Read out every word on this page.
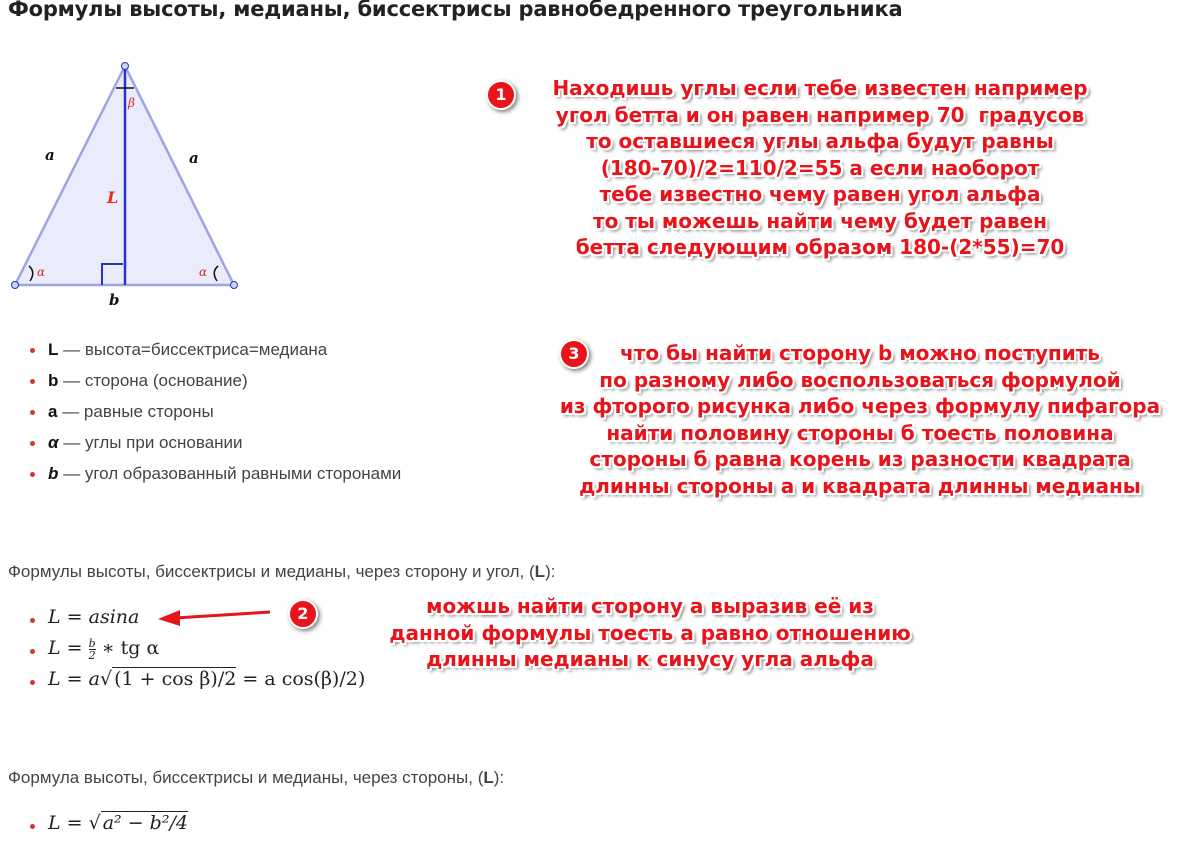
Формулы высоты, медианы, биссектрисы равнобедренного треугольника
a	a
L
b
β
α	α
L — высота=биссектриса=медиана
b — сторона (основание)
a — равные стороны
α — углы при основании
b — угол образованный равными сторонами
Формулы высоты, биссектрисы и медианы, через сторону и угол, (L):
L = asina
$L = \frac{b}{2}$ ∗ tg α
L = a√ (1 + cos β)/2 = a cos(β)/2)
Формула высоты, биссектрисы и медианы, через стороны, (L):
L = √ a² − b²/4
1	Находишь углы если тебе известен например
угол бетта и он равен например 70  градусов
то оставшиеся углы альфа будут равны
(180-70)/2=110/2=55 а если наоборот
тебе известно чему равен угол альфа
то ты можешь найти чему будет равен
бетта следующим образом 180-(2*55)=70
3	что бы найти сторону b можно поступить
по разному либо воспользоваться формулой
из фторого рисунка либо через формулу пифагора
найти половину стороны б тоесть половина
стороны б равна корень из разности квадрата
длинны стороны а и квадрата длинны медианы
2	можшь найти сторону а выразив её из
данной формулы тоесть а равно отношению
длинны медианы к синусу угла альфа
